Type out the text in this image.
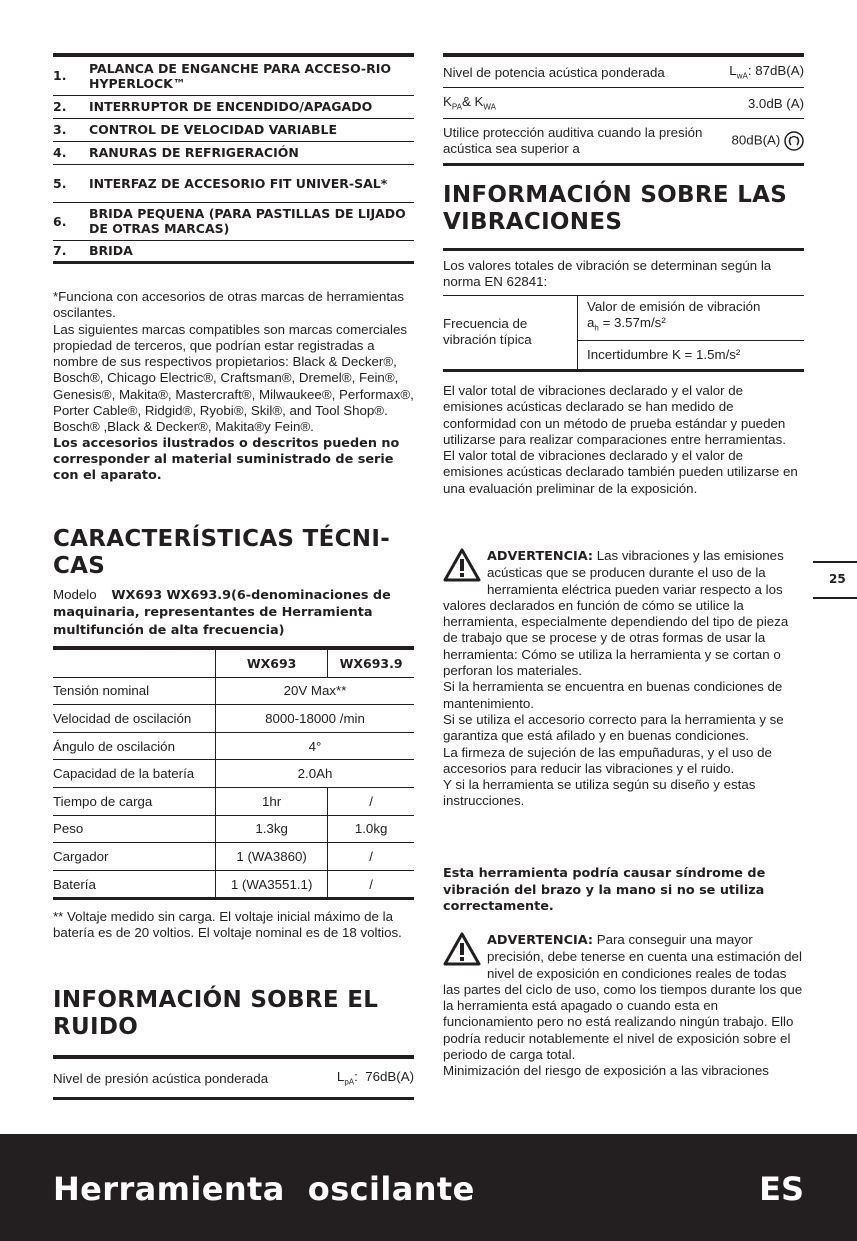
1.	PALANCA DE ENGANCHE PARA ACCESO-RIO HYPERLOCK™
2.	INTERRUPTOR DE ENCENDIDO/APAGADO
3.	CONTROL DE VELOCIDAD VARIABLE
4.	RANURAS DE REFRIGERACIÓN
5.	INTERFAZ DE ACCESORIO FIT UNIVER-SAL*
6.	BRIDA PEQUENA (PARA PASTILLAS DE LIJADO DE OTRAS MARCAS)
7.	BRIDA

*Funciona con accesorios de otras marcas de herramientas oscilantes.

Las siguientes marcas compatibles son marcas comerciales propiedad de terceros, que podrían estar registradas a nombre de sus respectivos propietarios: Black & Decker®, Bosch®, Chicago Electric®, Craftsman®, Dremel®, Fein®, Genesis®, Makita®, Mastercraft®, Milwaukee®, Performax®, Porter Cable®, Ridgid®, Ryobi®, Skil®, and Tool Shop®. Bosch® ,Black & Decker®, Makita®y Fein®.

Los accesorios ilustrados o descritos pueden no corresponder al material suministrado de serie con el aparato.

CARACTERÍSTICAS TÉCNI-CAS
Modelo WX693 WX693.9(6-denominaciones de maquinaria, representantes de Herramienta multifunción de alta frecuencia)
	WX693	WX693.9
Tensión nominal	20V Max**	
Velocidad de oscilación	8000-18000 /min	
Ángulo de oscilación	4°	
Capacidad de la batería	2.0Ah	
Tiempo de carga	1hr	/
Peso	1.3kg	1.0kg
Cargador	1 (WA3860)	/
Batería	1 (WA3551.1)	/
** Voltaje medido sin carga. El voltaje inicial máximo de la batería es de 20 voltios. El voltaje nominal es de 18 voltios.
INFORMACIÓN SOBRE EL RUIDO
Nivel de presión acústica ponderada	$L_{pA}$:  76dB(A)
Nivel de potencia acústica ponderada	$L_{wA}$: 87dB(A)
$K_{PA}\&$ $K_{WA}$	3.0dB (A)
Utilice protección auditiva cuando la presión acústica sea superior a	80dB(A)
INFORMACIÓN SOBRE LAS VIBRACIONES
Los valores totales de vibración se determinan según la norma EN 62841:
Frecuencia de vibración típica	Valor de emisión de vibración
$a_h = 3.57m/s^2$
Incertidumbre K = 1.5m/s²

El valor total de vibraciones declarado y el valor de emisiones acústicas declarado se han medido de conformidad con un método de prueba estándar y pueden utilizarse para realizar comparaciones entre herramientas.

El valor total de vibraciones declarado y el valor de emisiones acústicas declarado también pueden utilizarse en una evaluación preliminar de la exposición.

ADVERTENCIA: Las vibraciones y las emisiones acústicas que se producen durante el uso de la herramienta eléctrica pueden variar respecto a los valores declarados en función de cómo se utilice la herramienta, especialmente dependiendo del tipo de pieza de trabajo que se procese y de otras formas de usar la herramienta: Cómo se utiliza la herramienta y se cortan o perforan los materiales.

Si la herramienta se encuentra en buenas condiciones de mantenimiento.

Si se utiliza el accesorio correcto para la herramienta y se garantiza que está afilado y en buenas condiciones.

La firmeza de sujeción de las empuñaduras, y el uso de accesorios para reducir las vibraciones y el ruido.

Y si la herramienta se utiliza según su diseño y estas instrucciones.

Esta herramienta podría causar síndrome de vibración del brazo y la mano si no se utiliza correctamente.
ADVERTENCIA: Para conseguir una mayor precisión, debe tenerse en cuenta una estimación del nivel de exposición en condiciones reales de todas las partes del ciclo de uso, como los tiempos durante los que la herramienta está apagado o cuando esta en funcionamiento pero no está realizando ningún trabajo. Ello podría reducir notablemente el nivel de exposición sobre el periodo de carga total.

Minimización del riesgo de exposición a las vibraciones

25
Herramienta  oscilante	ES
